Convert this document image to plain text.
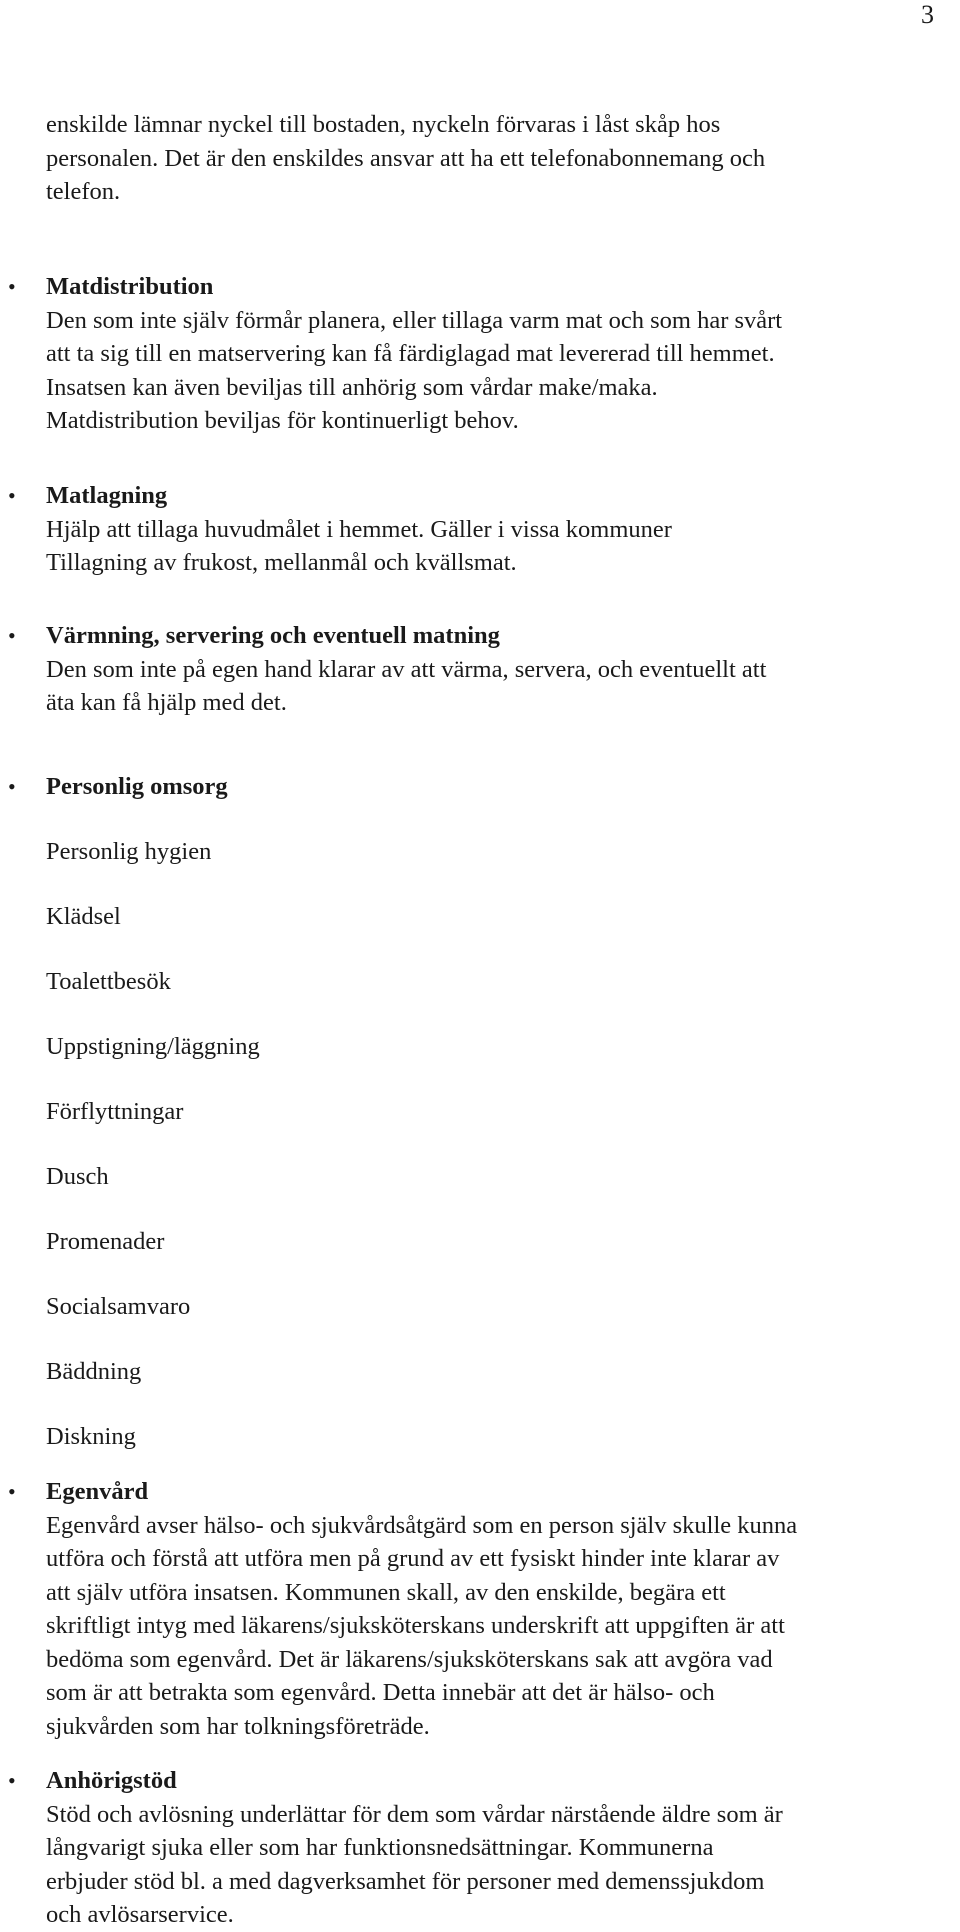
3
enskilde lämnar nyckel till bostaden, nyckeln förvaras i låst skåp hos
personalen. Det är den enskildes ansvar att ha ett telefonabonnemang och
telefon.
• Matdistribution
Den som inte själv förmår planera, eller tillaga varm mat och som har svårt
att ta sig till en matservering kan få färdiglagad mat levererad till hemmet.
Insatsen kan även beviljas till anhörig som vårdar make/maka.
Matdistribution beviljas för kontinuerligt behov.
• Matlagning
Hjälp att tillaga huvudmålet i hemmet. Gäller i vissa kommuner
Tillagning av frukost, mellanmål och kvällsmat.
• Värmning, servering och eventuell matning
Den som inte på egen hand klarar av att värma, servera, och eventuellt att
äta kan få hjälp med det.
• Personlig omsorg
Personlig hygien
Klädsel
Toalettbesök
Uppstigning/läggning
Förflyttningar
Dusch
Promenader
Socialsamvaro
Bäddning
Diskning
• Egenvård
Egenvård avser hälso- och sjukvårdsåtgärd som en person själv skulle kunna
utföra och förstå att utföra men på grund av ett fysiskt hinder inte klarar av
att själv utföra insatsen. Kommunen skall, av den enskilde, begära ett
skriftligt intyg med läkarens/sjuksköterskans underskrift att uppgiften är att
bedöma som egenvård. Det är läkarens/sjuksköterskans sak att avgöra vad
som är att betrakta som egenvård. Detta innebär att det är hälso- och
sjukvården som har tolkningsföreträde.
• Anhörigstöd
Stöd och avlösning underlättar för dem som vårdar närstående äldre som är
långvarigt sjuka eller som har funktionsnedsättningar. Kommunerna
erbjuder stöd bl. a med dagverksamhet för personer med demenssjukdom
och avlösarservice.
